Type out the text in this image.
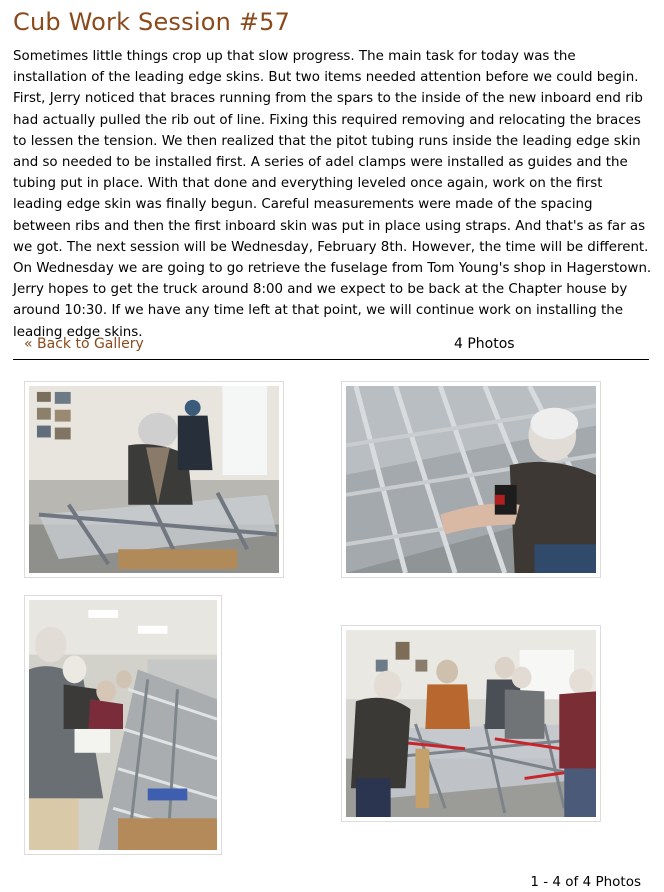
Cub Work Session #57

Sometimes little things crop up that slow progress. The main task for today was the installation of the leading edge skins. But two items needed attention before we could begin. First, Jerry noticed that braces running from the spars to the inside of the new inboard end rib had actually pulled the rib out of line. Fixing this required removing and relocating the braces to lessen the tension. We then realized that the pitot tubing runs inside the leading edge skin and so needed to be installed first. A series of adel clamps were installed as guides and the tubing put in place. With that done and everything leveled once again, work on the first leading edge skin was finally begun. Careful measurements were made of the spacing between ribs and then the first inboard skin was put in place using straps. And that's as far as we got. The next session will be Wednesday, February 8th. However, the time will be different. On Wednesday we are going to go retrieve the fuselage from Tom Young's shop in Hagerstown. Jerry hopes to get the truck around 8:00 and we expect to be back at the Chapter house by around 10:30. If we have any time left at that point, we will continue work on installing the leading edge skins.

« Back to Gallery	4 Photos
1 - 4 of 4 Photos
